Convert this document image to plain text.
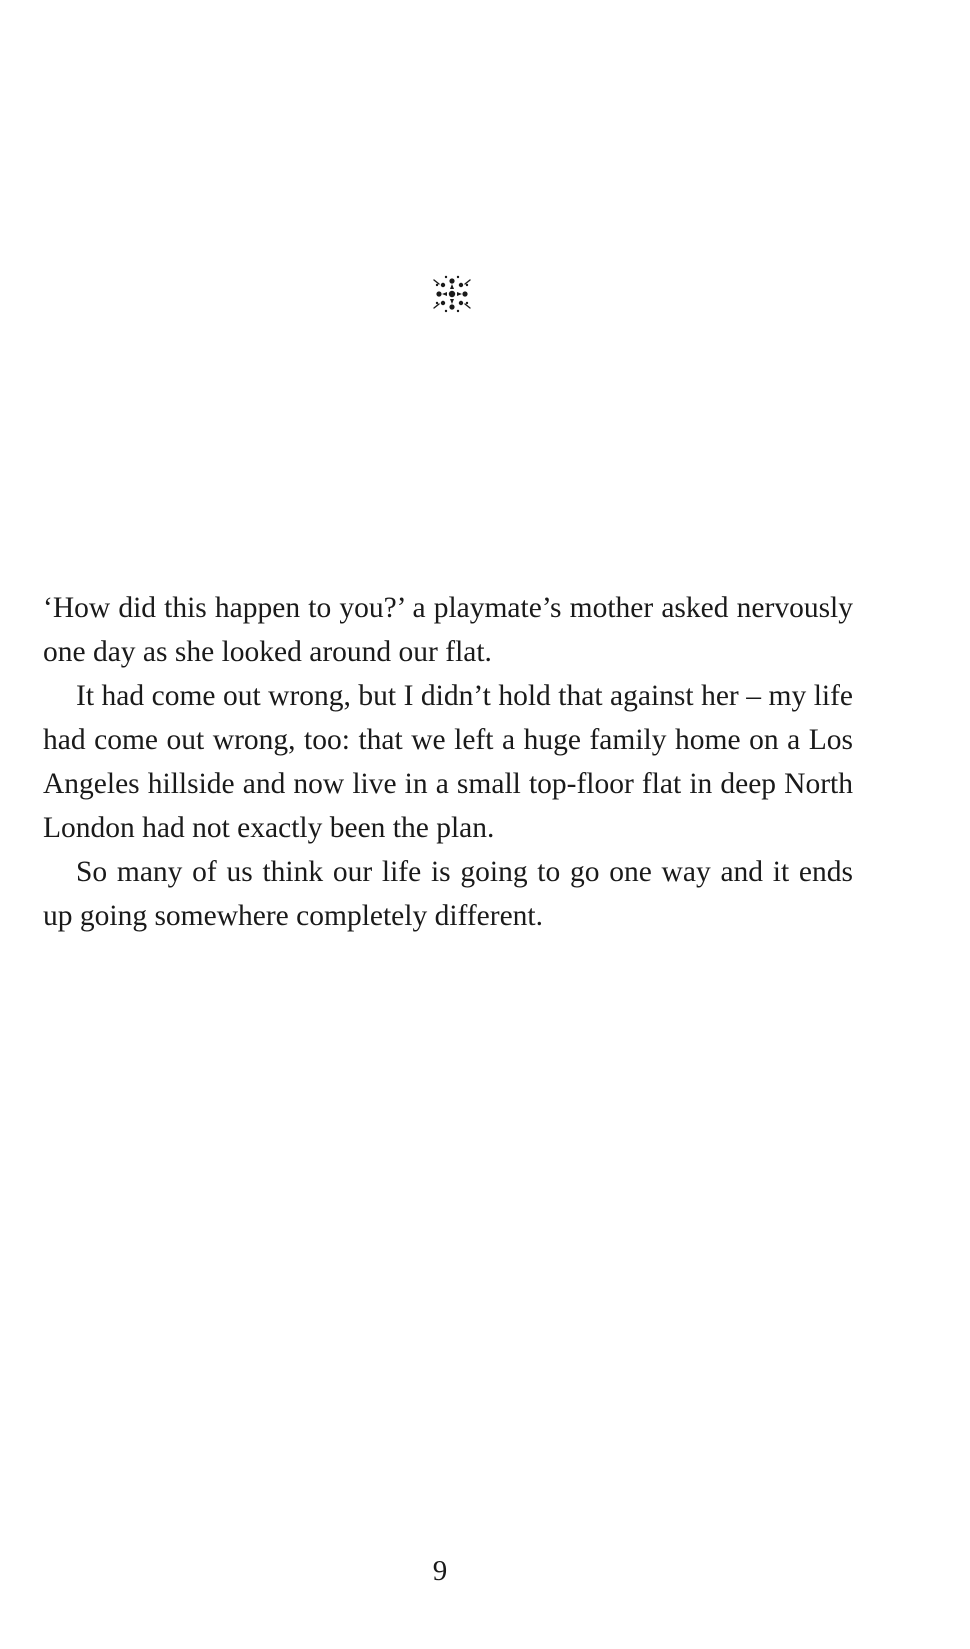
‘How did this happen to you?’ a playmate’s mother asked nervously one day as she looked around our flat.

It had come out wrong, but I didn’t hold that against her – my life had come out wrong, too: that we left a huge family home on a Los Angeles hillside and now live in a small top-floor flat in deep North London had not exactly been the plan.

So many of us think our life is going to go one way and it ends up going somewhere completely different.

9
